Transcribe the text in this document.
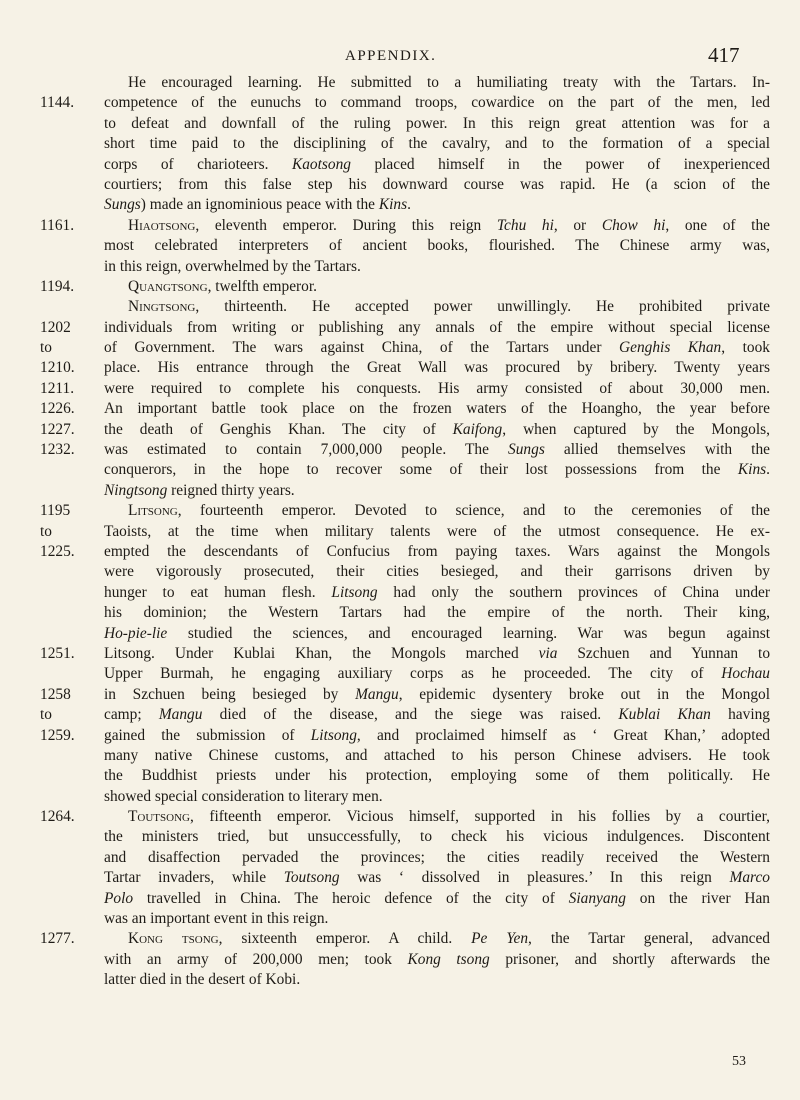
APPENDIX.	417
He encouraged learning. He submitted to a humiliating treaty with the Tartars. In-
1144.	competence of the eunuchs to command troops, cowardice on the part of the men, led
to defeat and downfall of the ruling power. In this reign great attention was for a
short time paid to the disciplining of the cavalry, and to the formation of a special
corps of charioteers. Kaotsong placed himself in the power of inexperienced
courtiers; from this false step his downward course was rapid. He (a scion of the
Sungs) made an ignominious peace with the Kins.
1161.	Hiaotsong, eleventh emperor. During this reign Tchu hi, or Chow hi, one of the
most celebrated interpreters of ancient books, flourished. The Chinese army was,
in this reign, overwhelmed by the Tartars.
1194.	Quangtsong, twelfth emperor.
Ningtsong, thirteenth. He accepted power unwillingly. He prohibited private
1202	individuals from writing or publishing any annals of the empire without special license
to	of Government. The wars against China, of the Tartars under Genghis Khan, took
1210.	place. His entrance through the Great Wall was procured by bribery. Twenty years
1211.	were required to complete his conquests. His army consisted of about 30,000 men.
1226.	An important battle took place on the frozen waters of the Hoangho, the year before
1227.	the death of Genghis Khan. The city of Kaifong, when captured by the Mongols,
1232.	was estimated to contain 7,000,000 people. The Sungs allied themselves with the
conquerors, in the hope to recover some of their lost possessions from the Kins.
Ningtsong reigned thirty years.
1195	Litsong, fourteenth emperor. Devoted to science, and to the ceremonies of the
to	Taoists, at the time when military talents were of the utmost consequence. He ex-
1225.	empted the descendants of Confucius from paying taxes. Wars against the Mongols
were vigorously prosecuted, their cities besieged, and their garrisons driven by
hunger to eat human flesh. Litsong had only the southern provinces of China under
his dominion; the Western Tartars had the empire of the north. Their king,
Ho-pie-lie studied the sciences, and encouraged learning. War was begun against
1251.	Litsong. Under Kublai Khan, the Mongols marched via Szchuen and Yunnan to
Upper Burmah, he engaging auxiliary corps as he proceeded. The city of Hochau
1258	in Szchuen being besieged by Mangu, epidemic dysentery broke out in the Mongol
to	camp; Mangu died of the disease, and the siege was raised. Kublai Khan having
1259.	gained the submission of Litsong, and proclaimed himself as ‘ Great Khan,’ adopted
many native Chinese customs, and attached to his person Chinese advisers. He took
the Buddhist priests under his protection, employing some of them politically. He
showed special consideration to literary men.
1264.	Toutsong, fifteenth emperor. Vicious himself, supported in his follies by a courtier,
the ministers tried, but unsuccessfully, to check his vicious indulgences. Discontent
and disaffection pervaded the provinces; the cities readily received the Western
Tartar invaders, while Toutsong was ‘ dissolved in pleasures.’ In this reign Marco
Polo travelled in China. The heroic defence of the city of Sianyang on the river Han
was an important event in this reign.
1277.	Kong tsong, sixteenth emperor. A child. Pe Yen, the Tartar general, advanced
with an army of 200,000 men; took Kong tsong prisoner, and shortly afterwards the
latter died in the desert of Kobi.
53
